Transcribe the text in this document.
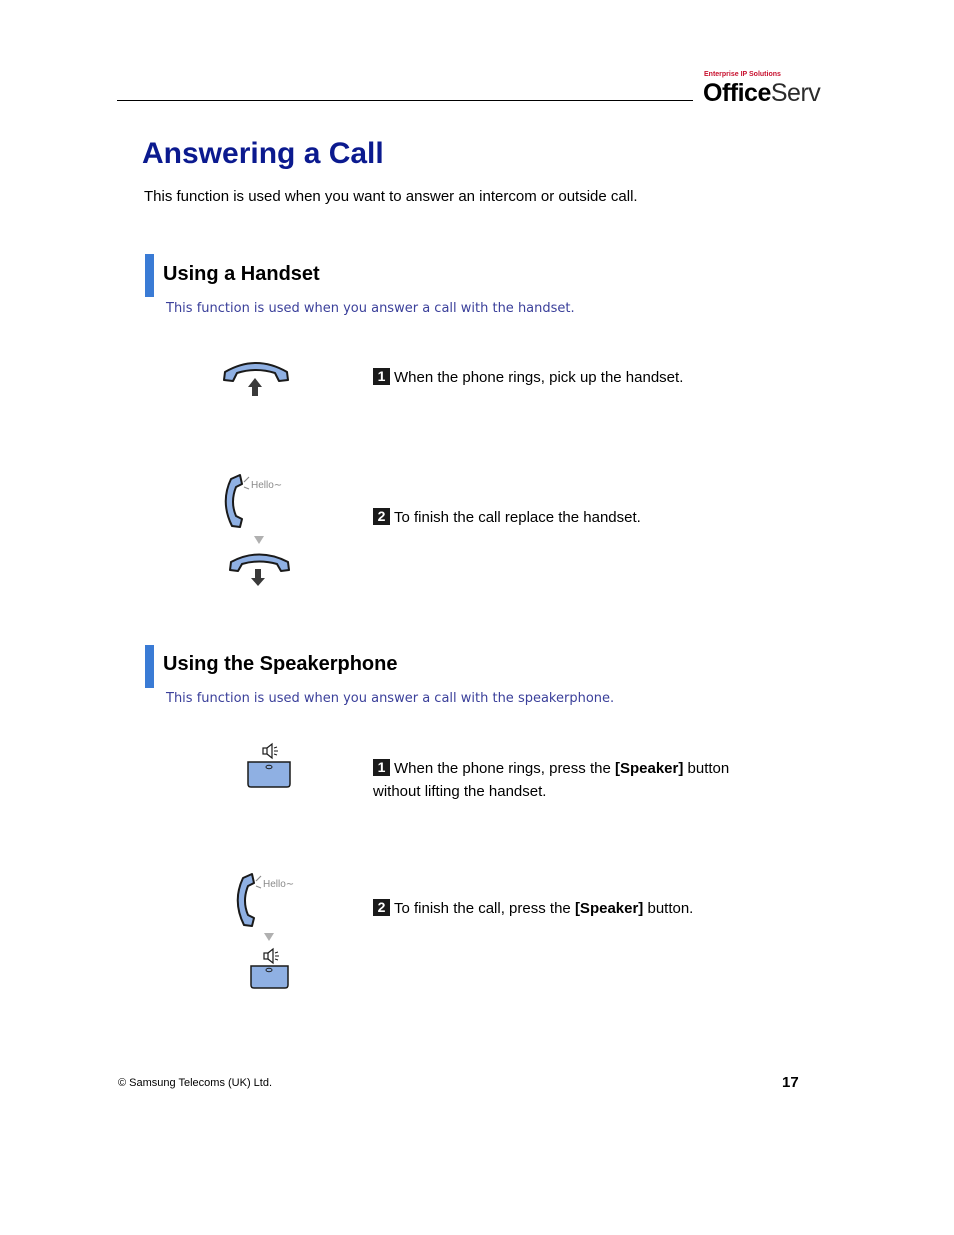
Enterprise IP Solutions
OfficeServ
Answering a Call
This function is used when you want to answer an intercom or outside call.
Using a Handset
This function is used when you answer a call with the handset.
1 When the phone rings, pick up the handset.
Hello∼
2 To finish the call replace the handset.
Using the Speakerphone
This function is used when you answer a call with the speakerphone.
1 When the phone rings, press the [Speaker] button
without lifting the handset.
Hello∼
2 To finish the call, press the [Speaker] button.
© Samsung Telecoms (UK) Ltd.	17
